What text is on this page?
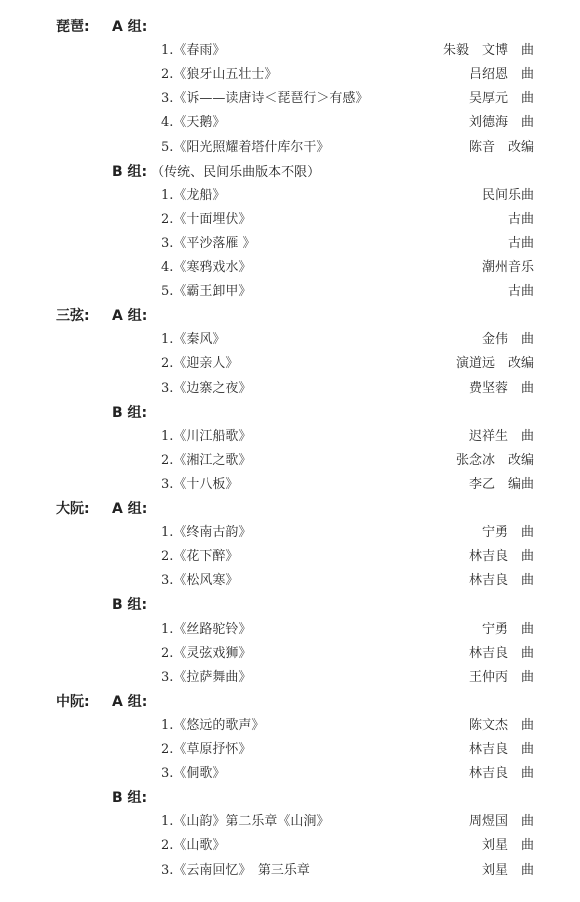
琵琶: A 组:
1.《春雨》	朱毅　文博　曲
2.《狼牙山五壮士》	吕绍恩　曲
3.《诉——读唐诗＜琵琶行＞有感》	吴厚元　曲
4.《天鹅》	刘德海　曲
5.《阳光照耀着塔什库尔干》	陈音　改编
B 组: （传统、民间乐曲版本不限）
1.《龙船》	民间乐曲
2.《十面埋伏》	古曲
3.《平沙落雁 》	古曲
4.《寒鸦戏水》	潮州音乐
5.《霸王卸甲》	古曲
三弦: A 组:
1.《秦风》	金伟　曲
2.《迎亲人》	演道远　改编
3.《边寨之夜》	费坚蓉　曲
B 组:
1.《川江船歌》	迟祥生　曲
2.《湘江之歌》	张念冰　改编
3.《十八板》	李乙　编曲
大阮: A 组:
1.《终南古韵》	宁勇　曲
2.《花下醉》	林吉良　曲
3.《松风寒》	林吉良　曲
B 组:
1.《丝路驼铃》	宁勇　曲
2.《灵弦戏狮》	林吉良　曲
3.《拉萨舞曲》	王仲丙　曲
中阮: A 组:
1.《悠远的歌声》	陈文杰　曲
2.《草原抒怀》	林吉良　曲
3.《侗歌》	林吉良　曲
B 组:
1.《山韵》第二乐章《山涧》	周煜国　曲
2.《山歌》	刘星　曲
3.《云南回忆》　第三乐章	刘星　曲
